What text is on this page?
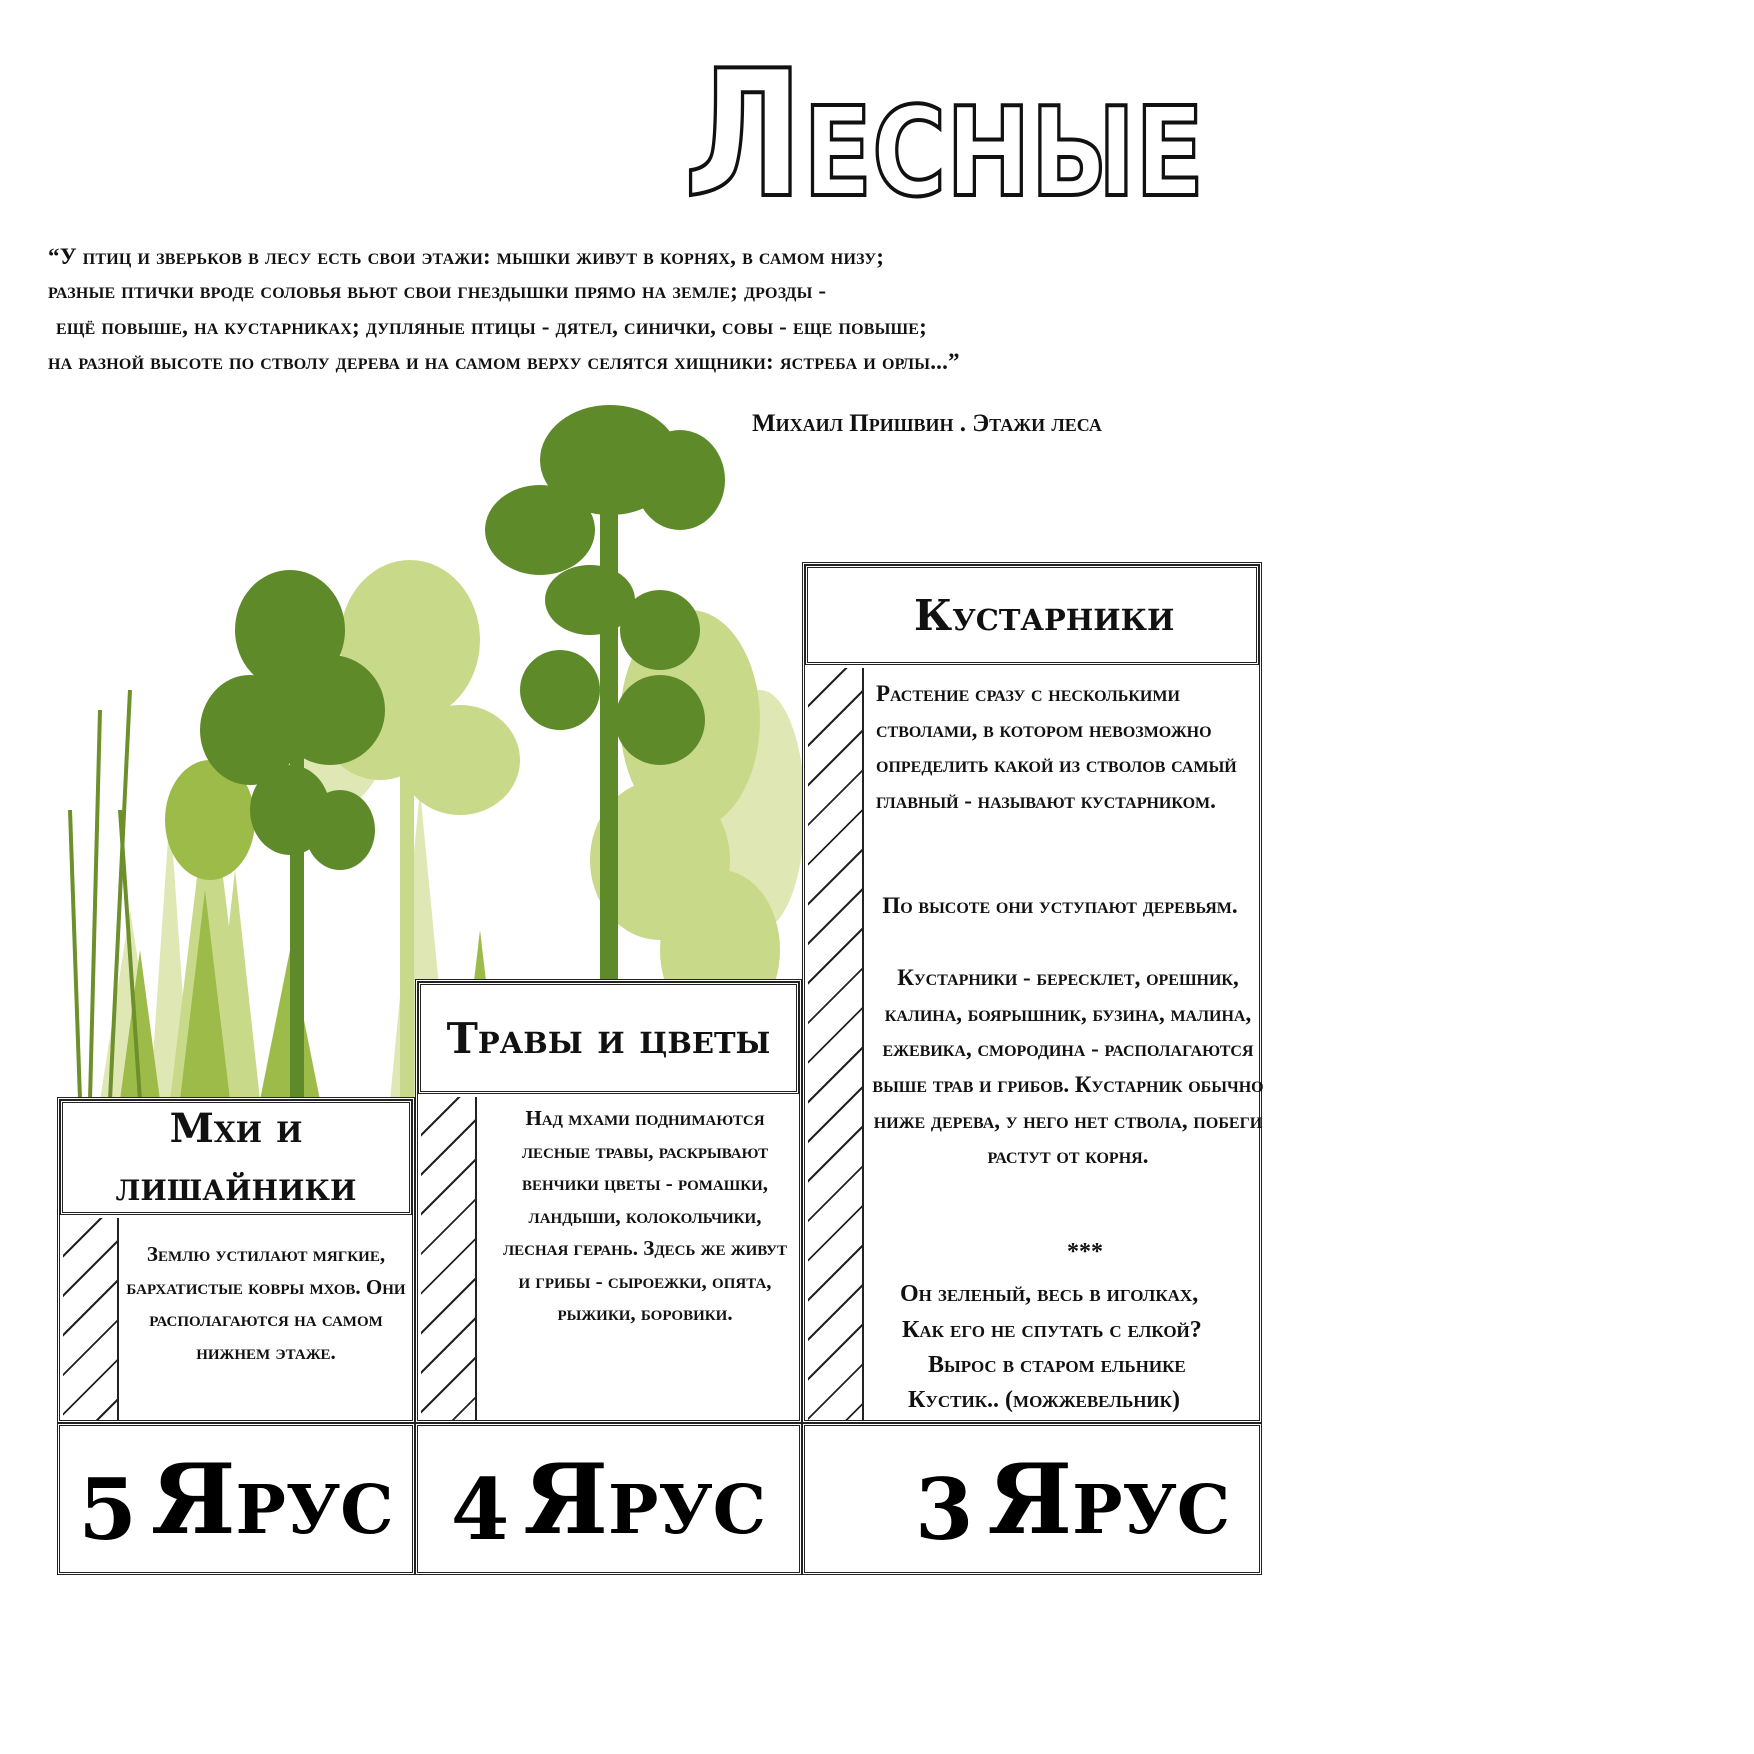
Лесные
“У птиц и зверьков в лесу есть свои этажи: мышки живут в корнях, в самом низу;
разные птички вроде соловья вьют свои гнездышки прямо на земле; дрозды -
ещё повыше, на кустарниках; дупляные птицы - дятел, синички, совы - еще повыше;
на разной высоте по стволу дерева и на самом верху селятся хищники: ястреба и орлы...”
Михаил Пришвин . Этажи леса
Мхи и
лишайники
Землю устилают мягкие, бархатистые ковры мхов. Они располагаются на самом нижнем этаже.
Травы и цветы
Над мхами поднимаются лесные травы, раскрывают венчики цветы - ромашки, ландыши, колокольчики, лесная герань. Здесь же живут и грибы - сыроежки, опята, рыжики, боровики.
Кустарники
Растение сразу с несколькими стволами, в котором невозможно определить какой из стволов самый главный - называют кустарником.
По высоте они уступают деревьям.
Кустарники - бересклет, орешник, калина, боярышник, бузина, малина, ежевика, смородина - располагаются выше трав и грибов. Кустарник обычно ниже дерева, у него нет ствола, побеги растут от корня.
***
Он зеленый, весь в иголках,
Как его не спутать с елкой?
Вырос в старом ельнике
Кустик.. (можжевельник)
5 Ярус 4 Ярус 3 Ярус
